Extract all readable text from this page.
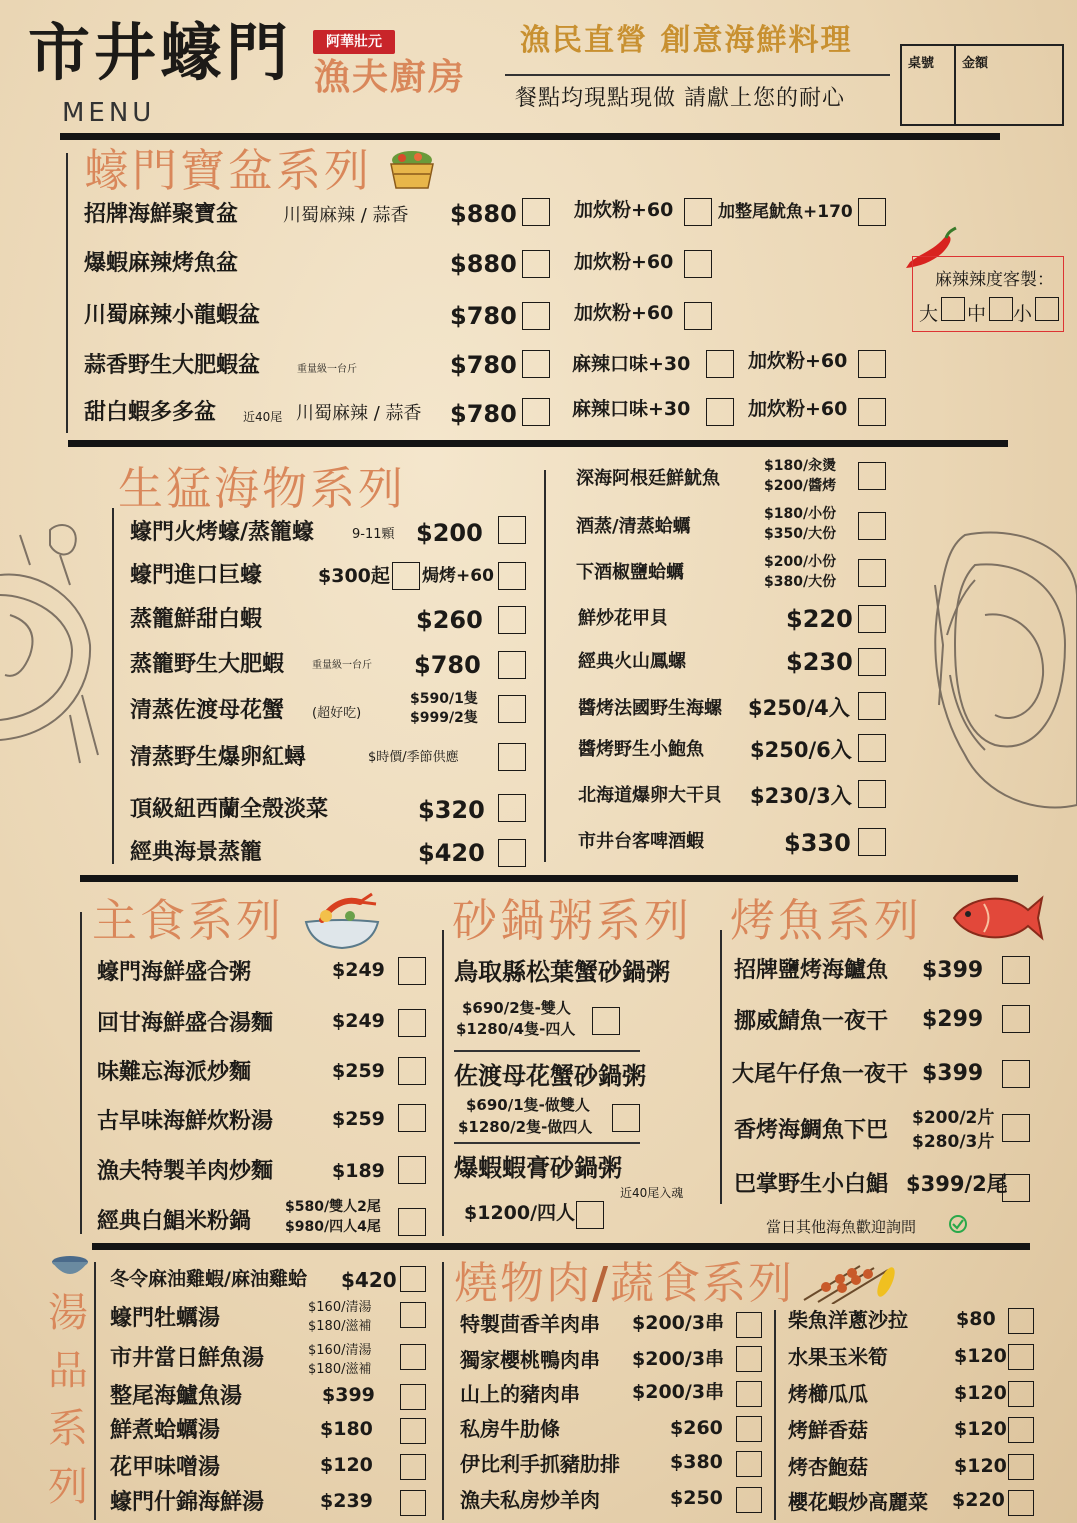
市井蠔門
MENU
阿華壯元
漁夫廚房
漁民直營 創意海鮮料理
餐點均現點現做 請獻上您的耐心
桌號 金額
蠔門寶盆系列
招牌海鮮聚寶盆 川蜀麻辣 / 蒜香 $880	加炊粉+60	加整尾魷魚+170
爆蝦麻辣烤魚盆	$880	加炊粉+60
川蜀麻辣小龍蝦盆	$780	加炊粉+60
蒜香野生大肥蝦盆	重量級一台斤	$780	麻辣口味+30	加炊粉+60
甜白蝦多多盆 近40尾 川蜀麻辣 / 蒜香 $780	麻辣口味+30	加炊粉+60
麻辣辣度客製：
大 中 小
生猛海物系列
蠔門火烤蠔/蒸籠蠔	9-11顆 $200
蠔門進口巨蠔	$300起 焗烤+60
蒸籠鮮甜白蝦	$260
蒸籠野生大肥蝦	重量級一台斤 $780
清蒸佐渡母花蟹 (超好吃)
$590/1隻
$999/2隻
清蒸野生爆卵紅蟳	$時價/季節供應
頂級紐西蘭全殼淡菜	$320
經典海景蒸籠	$420
深海阿根廷鮮魷魚
$180/汆燙
$200/醬烤
酒蒸/清蒸蛤蠣
$180/小份
$350/大份
下酒椒鹽蛤蠣	$200/小份
$380/大份
鮮炒花甲貝	$220
經典火山鳳螺	$230
醬烤法國野生海螺 $250/4入
醬烤野生小鮑魚 $250/6入
北海道爆卵大干貝 $230/3入
市井台客啤酒蝦	$330
主食系列
蠔門海鮮盛合粥	$249
回甘海鮮盛合湯麵	$249
味難忘海派炒麵	$259
古早味海鮮炊粉湯	$259
漁夫特製羊肉炒麵	$189
經典白鯧米粉鍋
$580/雙人2尾
$980/四人4尾
砂鍋粥系列
鳥取縣松葉蟹砂鍋粥
$690/2隻-雙人
$1280/4隻-四人
佐渡母花蟹砂鍋粥
$690/1隻-做雙人
$1280/2隻-做四人
爆蝦蝦膏砂鍋粥
近40尾入魂
$1200/四人
烤魚系列
招牌鹽烤海鱸魚 $399
挪威鯖魚一夜干 $299
大尾午仔魚一夜干 $399
香烤海鯛魚下巴 $200/2片
$280/3片
巴掌野生小白鯧 $399/2尾
當日其他海魚歡迎詢問
湯品系列
冬令麻油雞蝦/麻油雞蛤 $420
蠔門牡蠣湯	$160/清湯
$180/滋補
市井當日鮮魚湯	$160/清湯
$180/滋補
整尾海鱸魚湯	$399
鮮煮蛤蠣湯	$180
花甲味噌湯	$120
蠔門什錦海鮮湯	$239
燒物肉/蔬食系列
特製茴香羊肉串 $200/3串
獨家櫻桃鴨肉串 $200/3串
山上的豬肉串	$200/3串
私房牛肋條	$260
伊比利手抓豬肋排	$380
漁夫私房炒羊肉	$250
柴魚洋蔥沙拉	$80
水果玉米筍	$120
烤櫛瓜瓜	$120
烤鮮香菇	$120
烤杏鮑菇	$120
櫻花蝦炒高麗菜 $220
